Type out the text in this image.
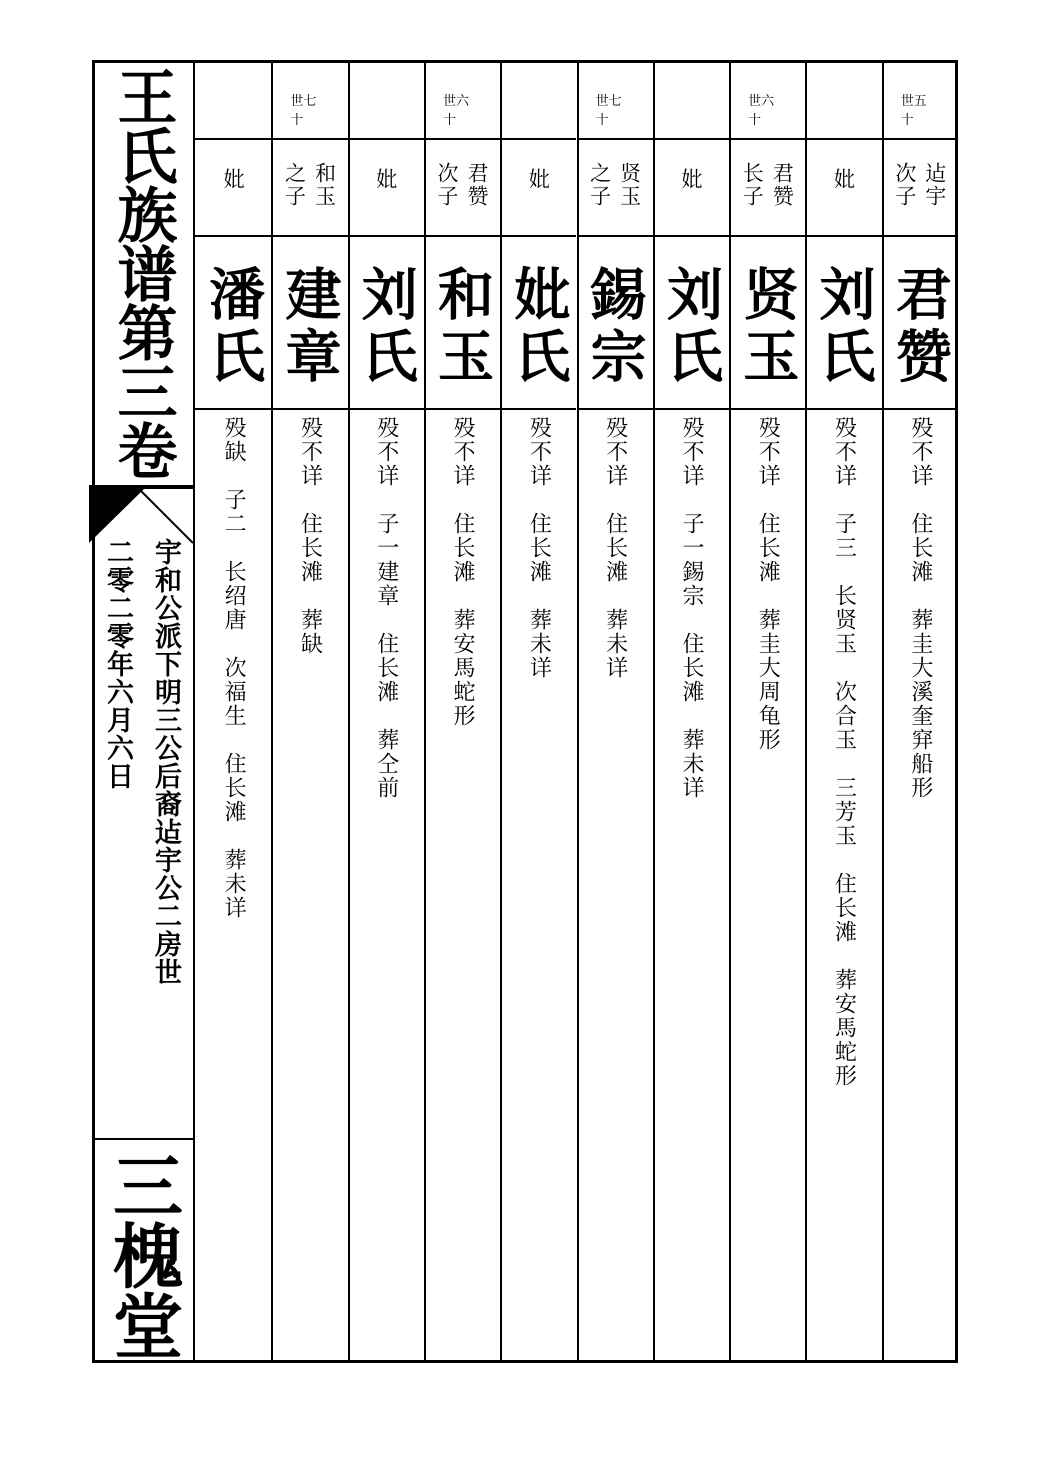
王氏族谱第三卷
宇和公派下明三公后裔迠宇公二房世
二零二零年六月六日
三槐堂
世五十
迠宇
次子
君赞
殁不详　住长滩　葬圭大溪奎穽船形
妣
刘氏
殁不详　子三　长贤玉　次合玉　三芳玉　住长滩　葬安馬蛇形
世六十
君赞
长子
贤玉
殁不详　住长滩　葬圭大周龟形
妣
刘氏
殁不详　子一錫宗　住长滩　葬未详
世七十
贤玉
之子
錫宗
殁不详　住长滩　葬未详
妣
妣氏
殁不详　住长滩　葬未详
世六十
君赞
次子
和玉
殁不详　住长滩　葬安馬蛇形
妣
刘氏
殁不详　子一建章　住长滩　葬仝前
世七十
和玉
之子
建章
殁不详　住长滩　葬缺
妣
潘氏
殁缺　子二　长绍唐　次福生　住长滩　葬未详
